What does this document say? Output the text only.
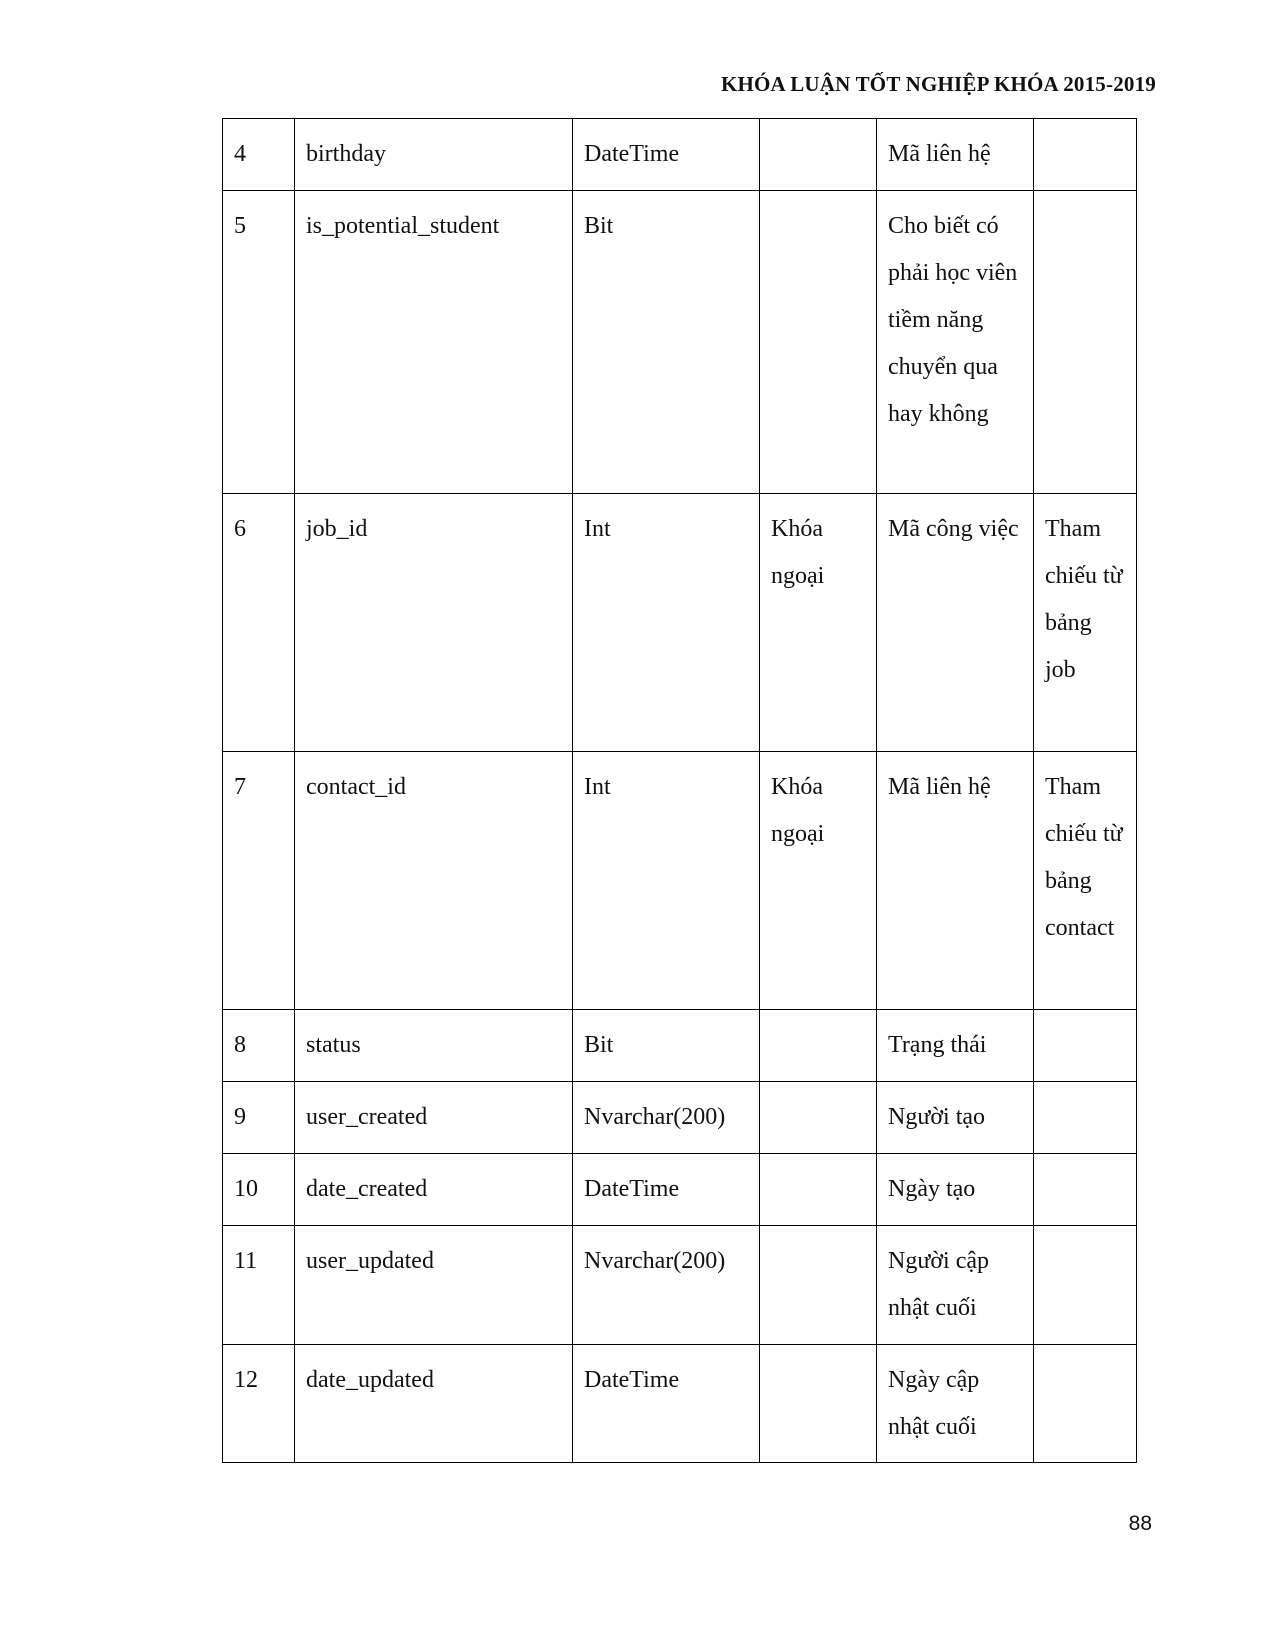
KHÓA LUẬN TỐT NGHIỆP KHÓA 2015-2019
4	birthday	DateTime		Mã liên hệ	
5	is_potential_student	Bit		Cho biết có phải học viên tiềm năng chuyển qua hay không	
6	job_id	Int	Khóa ngoại	Mã công việc	Tham chiếu từ bảng job
7	contact_id	Int	Khóa ngoại	Mã liên hệ	Tham chiếu từ bảng contact
8	status	Bit		Trạng thái	
9	user_created	Nvarchar(200)		Người tạo	
10	date_created	DateTime		Ngày tạo	
11	user_updated	Nvarchar(200)		Người cập nhật cuối	
12	date_updated	DateTime		Ngày cập nhật cuối	

88
